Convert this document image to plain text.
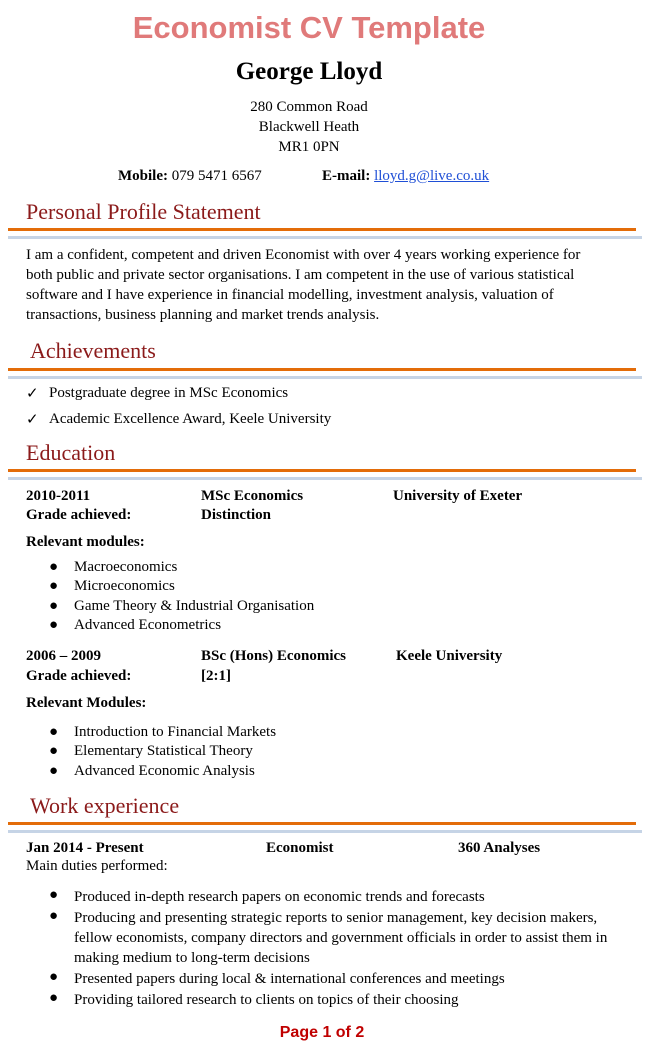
Economist CV Template
George Lloyd
280 Common Road
Blackwell Heath
MR1 0PN
Mobile: 079 5471 6567	E-mail: lloyd.g@live.co.uk
Personal Profile Statement
I am a confident, competent and driven Economist with over 4 years working experience for both public and private sector organisations. I am competent in the use of various statistical software and I have experience in financial modelling, investment analysis, valuation of transactions, business planning and market trends analysis.
Achievements
✓ Postgraduate degree in MSc Economics
✓ Academic Excellence Award, Keele University
Education
2010-2011	MSc Economics	University of Exeter
Grade achieved:	Distinction
Relevant modules:
● Macroeconomics
● Microeconomics
● Game Theory & Industrial Organisation
● Advanced Econometrics
2006 – 2009	BSc (Hons) Economics	Keele University
Grade achieved:	[2:1]
Relevant Modules:
● Introduction to Financial Markets
● Elementary Statistical Theory
● Advanced Economic Analysis
Work experience
Jan 2014 - Present	Economist	360 Analyses
Main duties performed:
● Produced in-depth research papers on economic trends and forecasts
● Producing and presenting strategic reports to senior management, key decision makers, fellow economists, company directors and government officials in order to assist them in making medium to long-term decisions
● Presented papers during local & international conferences and meetings
● Providing tailored research to clients on topics of their choosing
Page 1 of 2
